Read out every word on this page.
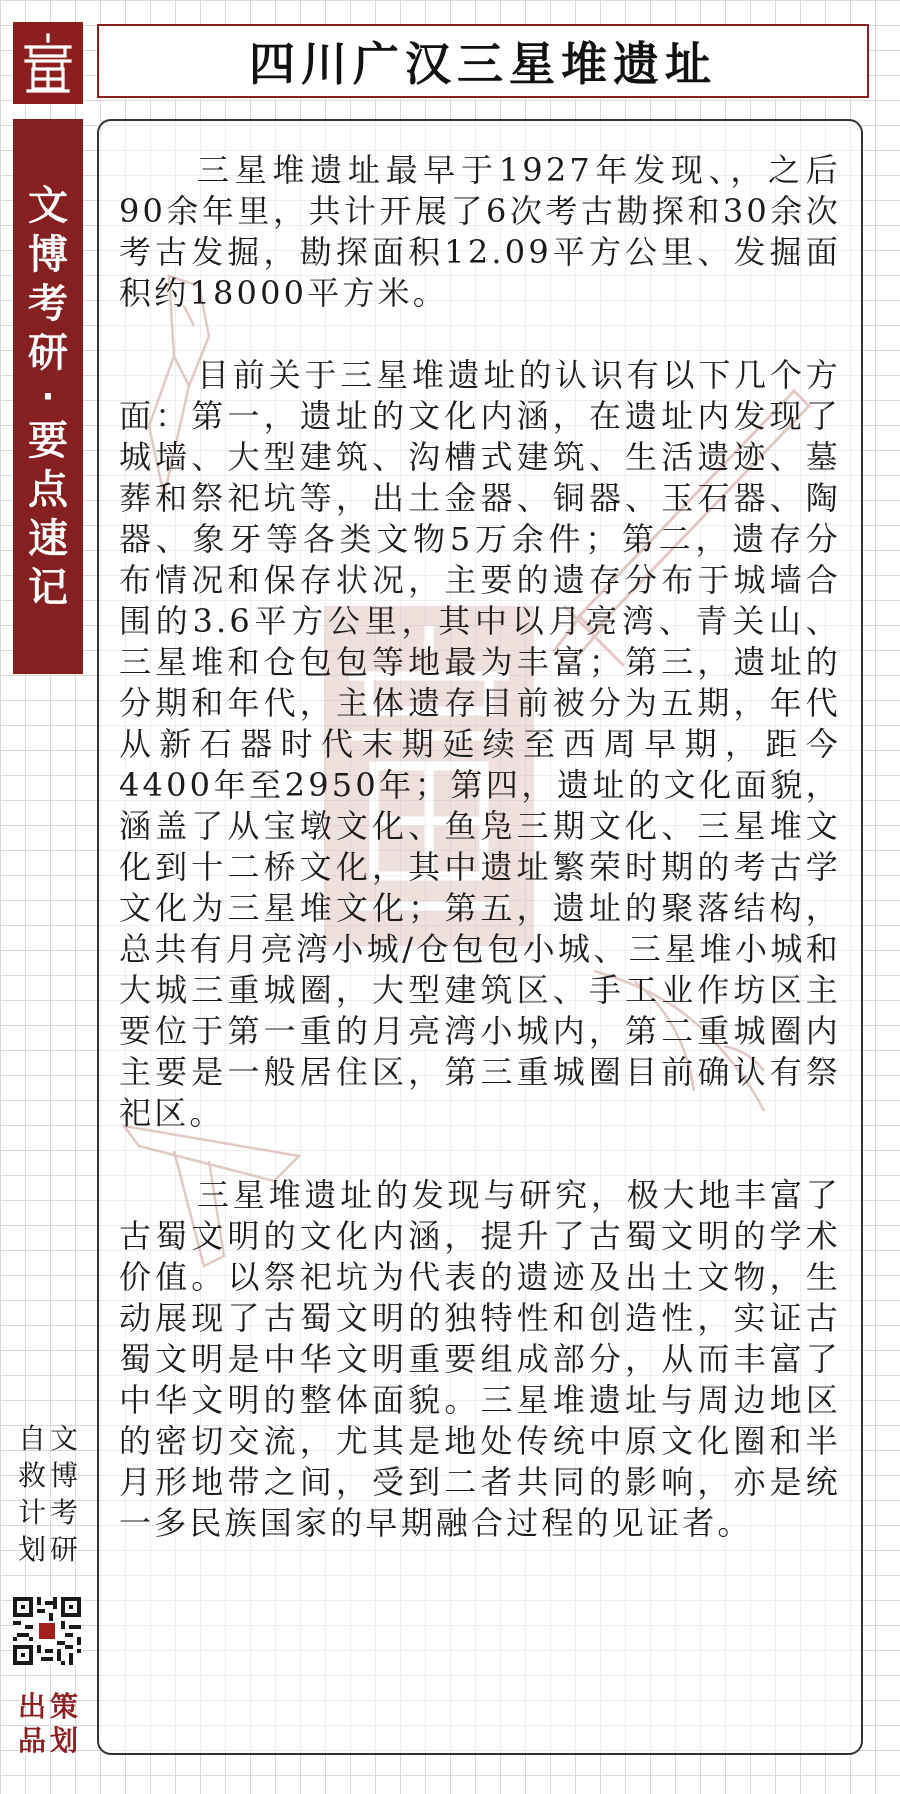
四川广汉三星堆遗址
文
博
考
研
·
要
点
速
记

三星堆遗址最早于1927年发现、，之后90余年里，共计开展了6次考古勘探和30余次考古发掘，勘探面积12.09平方公里、发掘面积约18000平方米。

目前关于三星堆遗址的认识有以下几个方面：第一，遗址的文化内涵，在遗址内发现了城墙、大型建筑、沟槽式建筑、生活遗迹、墓葬和祭祀坑等，出土金器、铜器、玉石器、陶器、象牙等各类文物5万余件；第二，遗存分布情况和保存状况，主要的遗存分布于城墙合围的3.6平方公里，其中以月亮湾、青关山、三星堆和仓包包等地最为丰富；第三，遗址的分期和年代，主体遗存目前被分为五期，年代从新石器时代末期延续至西周早期，距今4400年至2950年；第四，遗址的文化面貌，涵盖了从宝墩文化、鱼凫三期文化、三星堆文化到十二桥文化，其中遗址繁荣时期的考古学文化为三星堆文化；第五，遗址的聚落结构，总共有月亮湾小城/仓包包小城、三星堆小城和大城三重城圈，大型建筑区、手工业作坊区主要位于第一重的月亮湾小城内，第二重城圈内主要是一般居住区，第三重城圈目前确认有祭祀区。

三星堆遗址的发现与研究，极大地丰富了古蜀文明的文化内涵，提升了古蜀文明的学术价值。以祭祀坑为代表的遗迹及出土文物，生动展现了古蜀文明的独特性和创造性，实证古蜀文明是中华文明重要组成部分，从而丰富了中华文明的整体面貌。三星堆遗址与周边地区的密切交流，尤其是地处传统中原文化圈和半月形地带之间，受到二者共同的影响，亦是统一多民族国家的早期融合过程的见证者。

文
博
考
研
自
救
计
划
策
划
出
品
